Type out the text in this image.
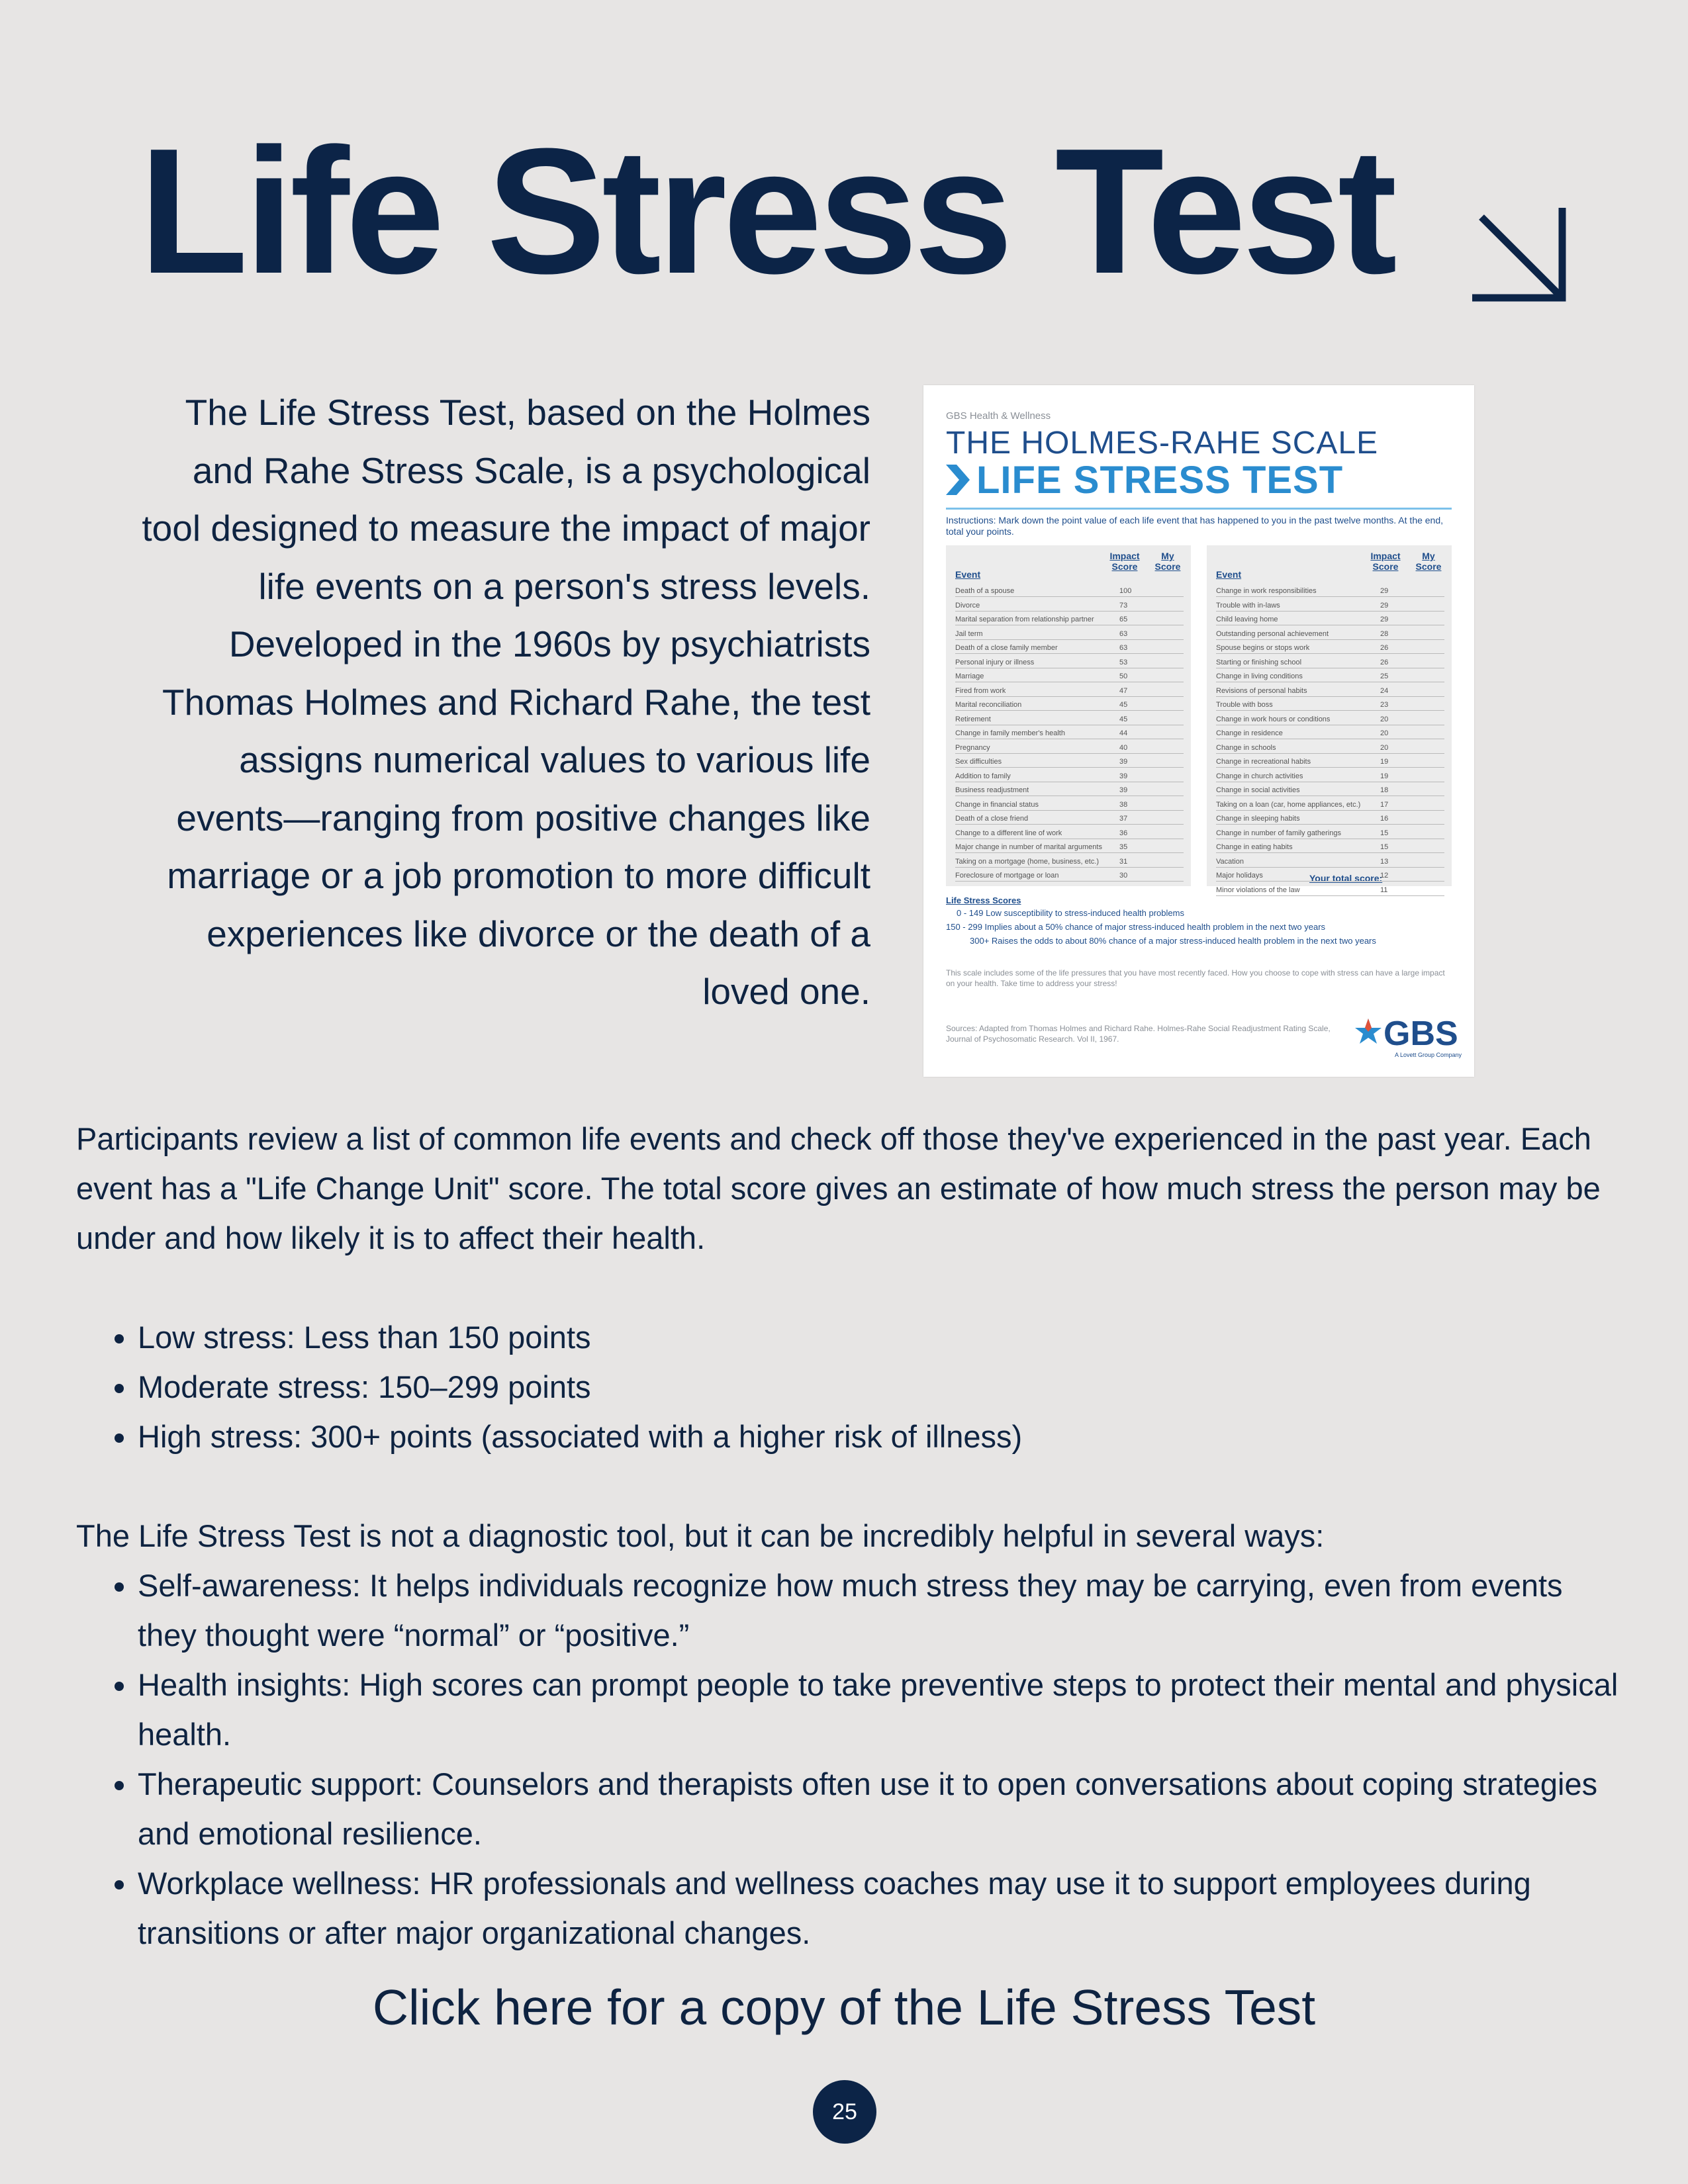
Life Stress Test

The Life Stress Test, based on the Holmes and Rahe Stress Scale, is a psychological tool designed to measure the impact of major life events on a person's stress levels. Developed in the 1960s by psychiatrists Thomas Holmes and Richard Rahe, the test assigns numerical values to various life events—ranging from positive changes like marriage or a job promotion to more difficult experiences like divorce or the death of a loved one.

GBS Health & Wellness
THE HOLMES-RAHE SCALE
LIFE STRESS TEST
Instructions: Mark down the point value of each life event that has happened to you in the past twelve months. At the end, total your points.
Event
Impact Score
My Score
Death of a spouse	100
Divorce	73
Marital separation from relationship partner	65
Jail term	63
Death of a close family member	63
Personal injury or illness	53
Marriage	50
Fired from work	47
Marital reconciliation	45
Retirement	45
Change in family member's health	44
Pregnancy	40
Sex difficulties	39
Addition to family	39
Business readjustment	39
Change in financial status	38
Death of a close friend	37
Change to a different line of work	36
Major change in number of marital arguments 35
Taking on a mortgage (home, business, etc.)	31
Foreclosure of mortgage or loan	30
Event
Impact Score
My Score
Your total score:
Change in work responsibilities	29
Trouble with in-laws	29
Child leaving home	29
Outstanding personal achievement	28
Spouse begins or stops work	26
Starting or finishing school	26
Change in living conditions	25
Revisions of personal habits	24
Trouble with boss	23
Change in work hours or conditions	20
Change in residence	20
Change in schools	20
Change in recreational habits	19
Change in church activities	19
Change in social activities	18
Taking on a loan (car, home appliances, etc.)	17
Change in sleeping habits	16
Change in number of family gatherings	15
Change in eating habits	15
Vacation	13
Major holidays	12
Minor violations of the law	11
Life Stress Scores
0 - 149 Low susceptibility to stress-induced health problems
150 - 299 Implies about a 50% chance of major stress-induced health problem in the next two years
300+ Raises the odds to about 80% chance of a major stress-induced health problem in the next two years
This scale includes some of the life pressures that you have most recently faced. How you choose to cope with stress can have a large impact on your health. Take time to address your stress!
Sources: Adapted from Thomas Holmes and Richard Rahe. Holmes-Rahe Social Readjustment Rating Scale, Journal of Psychosomatic Research. Vol II, 1967.	GBS
A Lovett Group Company

Participants review a list of common life events and check off those they've experienced in the past year. Each event has a "Life Change Unit" score. The total score gives an estimate of how much stress the person may be under and how likely it is to affect their health.

• Low stress: Less than 150 points
• Moderate stress: 150–299 points
• High stress: 300+ points (associated with a higher risk of illness)

The Life Stress Test is not a diagnostic tool, but it can be incredibly helpful in several ways:

• Self-awareness: It helps individuals recognize how much stress they may be carrying, even from events they thought were “normal” or “positive.”
• Health insights: High scores can prompt people to take preventive steps to protect their mental and physical health.
• Therapeutic support: Counselors and therapists often use it to open conversations about coping strategies and emotional resilience.
• Workplace wellness: HR professionals and wellness coaches may use it to support employees during transitions or after major organizational changes.
Click here for a copy of the Life Stress Test
25
